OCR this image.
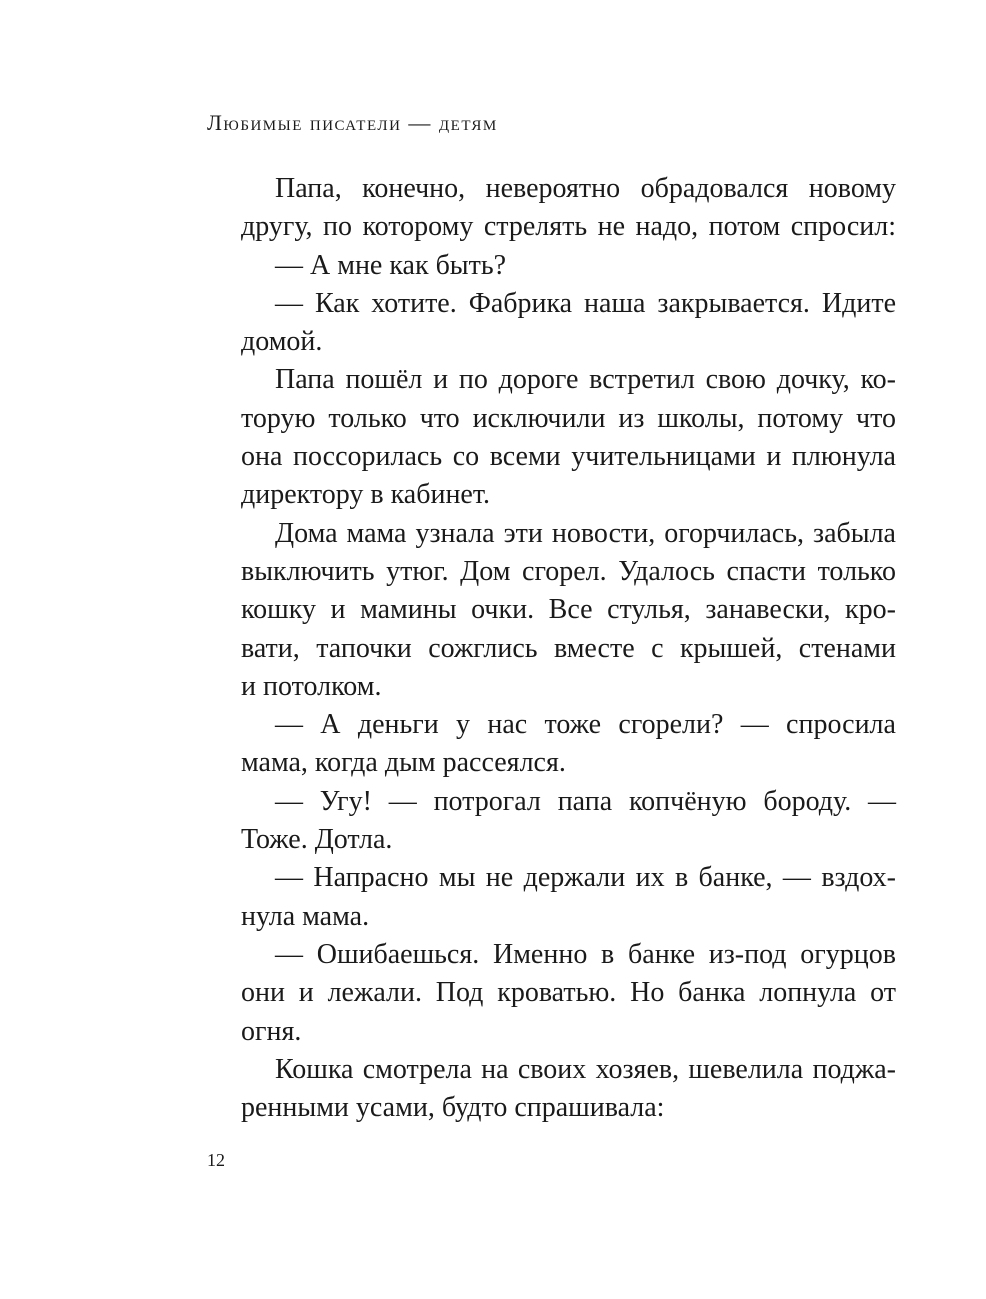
Любимые писатели — детям
Папа, конечно, невероятно обрадовался новому
другу, по которому стрелять не надо, потом спросил:
— А мне как быть?
— Как хотите. Фабрика наша закрывается. Идите
домой.
Папа пошёл и по дороге встретил свою дочку, ко-
торую только что исключили из школы, потому что
она поссорилась со всеми учительницами и плюнула
директору в кабинет.
Дома мама узнала эти новости, огорчилась, забыла
выключить утюг. Дом сгорел. Удалось спасти только
кошку и мамины очки. Все стулья, занавески, кро-
вати, тапочки сожглись вместе с крышей, стенами
и потолком.
— А деньги у нас тоже сгорели? — спросила
мама, когда дым рассеялся.
— Угу! — потрогал папа копчёную бороду. —
Тоже. Дотла.
— Напрасно мы не держали их в банке, — вздох-
нула мама.
— Ошибаешься. Именно в банке из-под огурцов
они и лежали. Под кроватью. Но банка лопнула от
огня.
Кошка смотрела на своих хозяев, шевелила поджа-
ренными усами, будто спрашивала:
12
